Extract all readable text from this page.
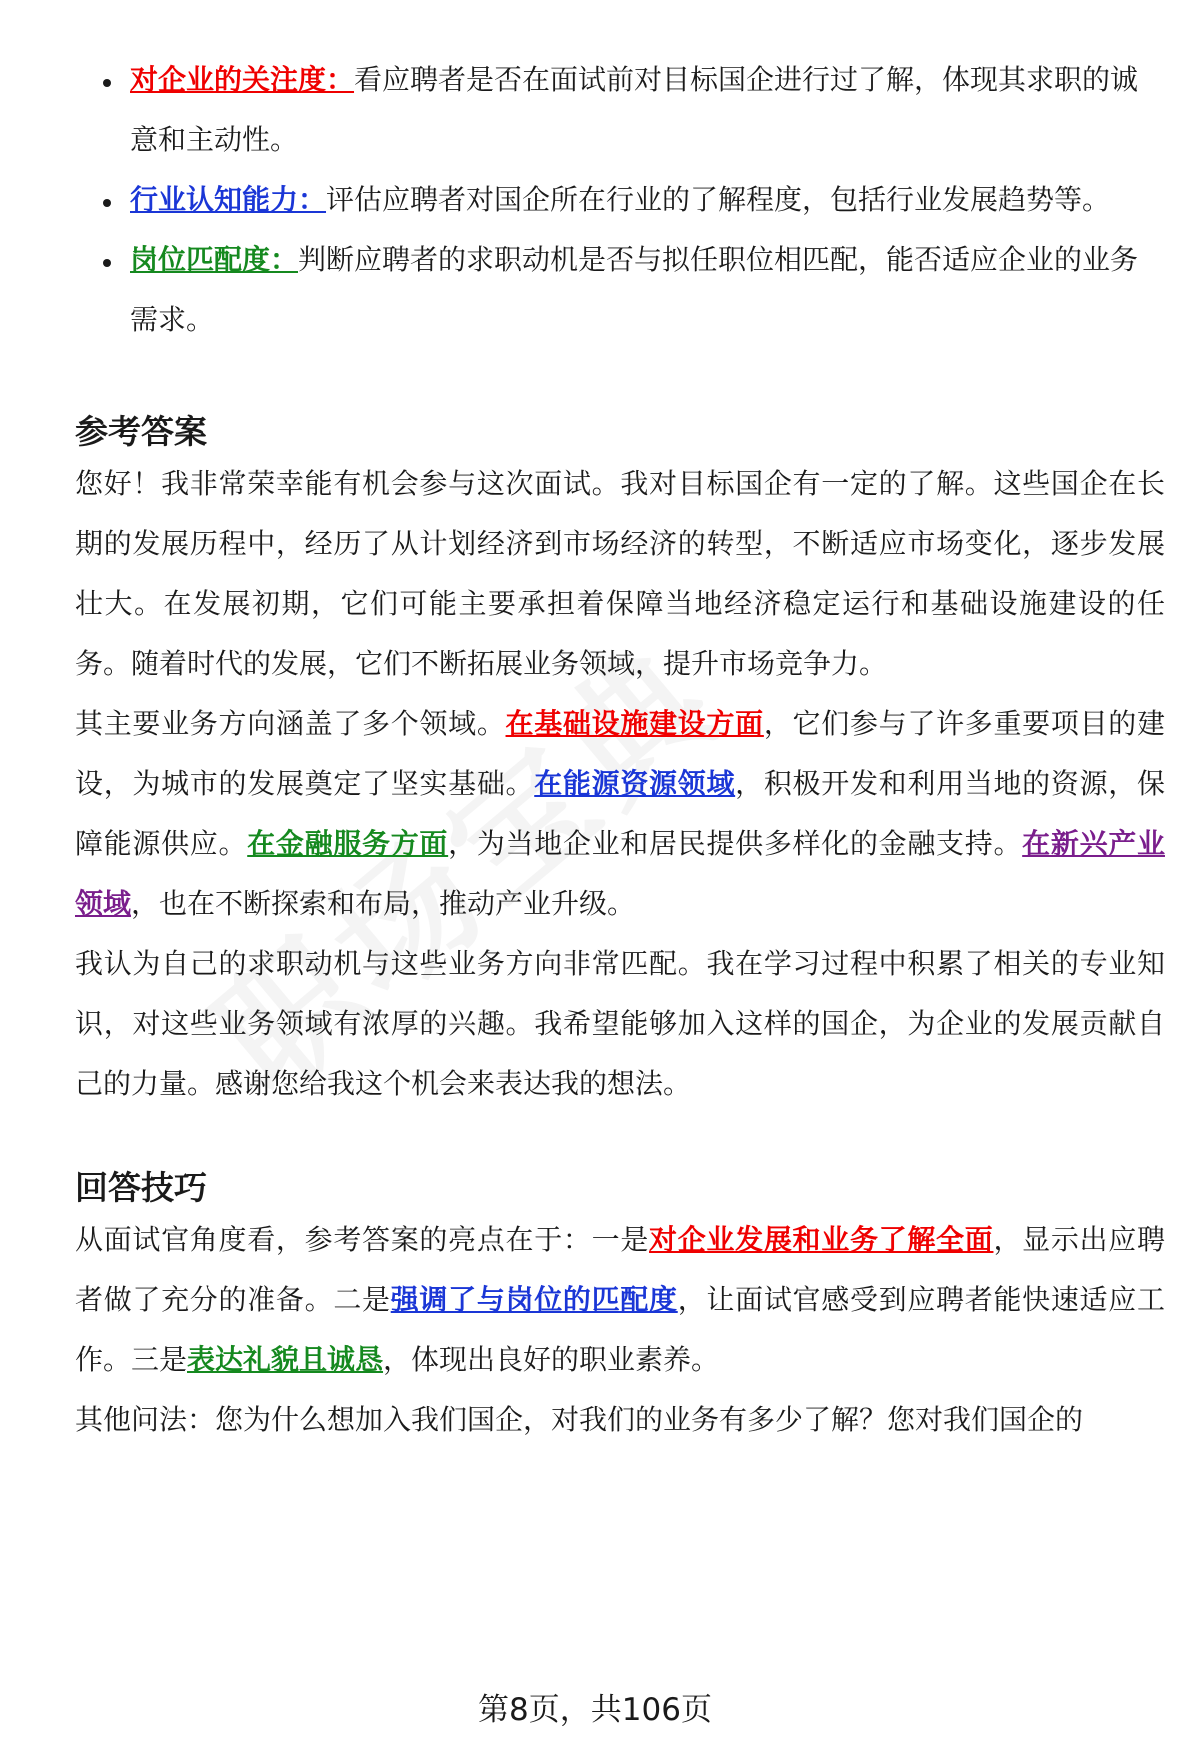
对企业的关注度：看应聘者是否在面试前对目标国企进行过了解，体现其求职的诚意和主动性。
行业认知能力：评估应聘者对国企所在行业的了解程度，包括行业发展趋势等。
岗位匹配度：判断应聘者的求职动机是否与拟任职位相匹配，能否适应企业的业务需求。
参考答案

您好！我非常荣幸能有机会参与这次面试。我对目标国企有一定的了解。这些国企在长期的发展历程中，经历了从计划经济到市场经济的转型，不断适应市场变化，逐步发展壮大。在发展初期，它们可能主要承担着保障当地经济稳定运行和基础设施建设的任务。随着时代的发展，它们不断拓展业务领域，提升市场竞争力。

其主要业务方向涵盖了多个领域。在基础设施建设方面，它们参与了许多重要项目的建设，为城市的发展奠定了坚实基础。在能源资源领域，积极开发和利用当地的资源，保障能源供应。在金融服务方面，为当地企业和居民提供多样化的金融支持。在新兴产业领域，也在不断探索和布局，推动产业升级。

我认为自己的求职动机与这些业务方向非常匹配。我在学习过程中积累了相关的专业知识，对这些业务领域有浓厚的兴趣。我希望能够加入这样的国企，为企业的发展贡献自己的力量。感谢您给我这个机会来表达我的想法。

回答技巧

从面试官角度看，参考答案的亮点在于：一是对企业发展和业务了解全面，显示出应聘者做了充分的准备。二是强调了与岗位的匹配度，让面试官感受到应聘者能快速适应工作。三是表达礼貌且诚恳，体现出良好的职业素养。

其他问法：您为什么想加入我们国企，对我们的业务有多少了解？您对我们国企的

第8页，共106页
